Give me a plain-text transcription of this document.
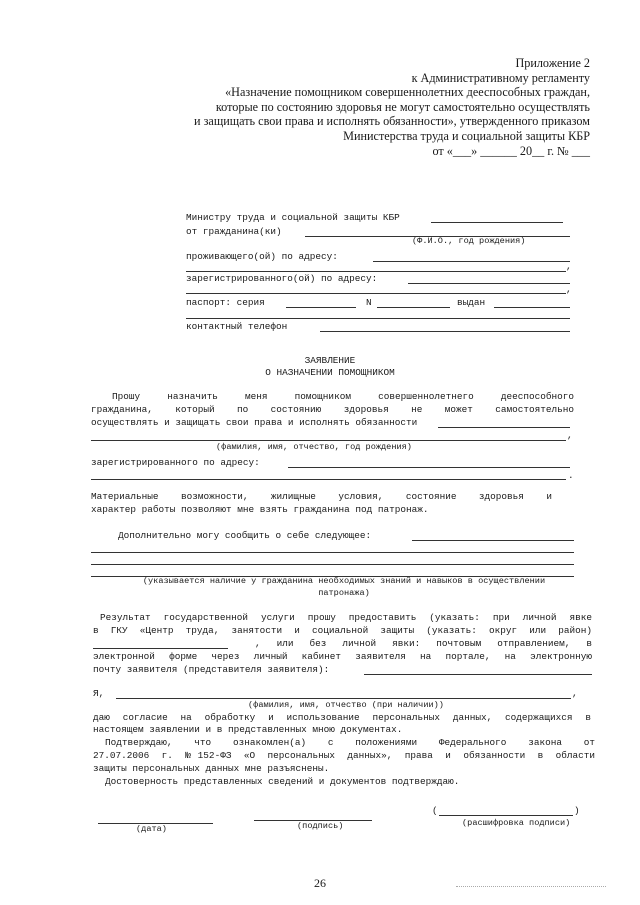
Приложение 2
к Административному регламенту
«Назначение помощником совершеннолетних дееспособных граждан,
которые по состоянию здоровья не могут самостоятельно осуществлять
и защищать свои права и исполнять обязанности», утвержденного приказом
Министерства труда и социальной защиты КБР
от «___» ______ 20__ г. № ___
Министру труда и социальной защиты КБР
от гражданина(ки)
(Ф.И.О., год рождения)
проживающего(ой) по адресу:
,
зарегистрированного(ой) по адресу:
,
паспорт: серия	N	выдан
контактный телефон
ЗАЯВЛЕНИЕ
О НАЗНАЧЕНИИ ПОМОЩНИКОМ
Прошу назначить меня помощником совершеннолетнего дееспособного
гражданина, который по состоянию здоровья не может самостоятельно
осуществлять и защищать свои права и исполнять обязанности
,
(фамилия, имя, отчество, год рождения)
зарегистрированного по адресу:
.
Материальные возможности, жилищные условия, состояние здоровья и
характер работы позволяют мне взять гражданина под патронаж.
Дополнительно могу сообщить о себе следующее:
(указывается наличие у гражданина необходимых знаний и навыков в осуществлении
патронажа)
Результат государственной услуги прошу предоставить (указать: при личной явке
в ГКУ «Центр труда, занятости и социальной защиты (указать: округ или район)
, или без личной явки: почтовым отправлением, в
электронной форме через личный кабинет заявителя на портале, на электронную
почту заявителя (представителя заявителя):
Я,	,
(фамилия, имя, отчество (при наличии))
даю согласие на обработку и использование персональных данных, содержащихся в
настоящем заявлении и в представленных мною документах.
Подтверждаю, что ознакомлен(а) с положениями Федерального закона от
27.07.2006 г. №152-ФЗ «О персональных данных», права и обязанности в области
защиты персональных данных мне разъяснены.
Достоверность представленных сведений и документов подтверждаю.
(дата)	(подпись)
(	)
(расшифровка подписи)
26
